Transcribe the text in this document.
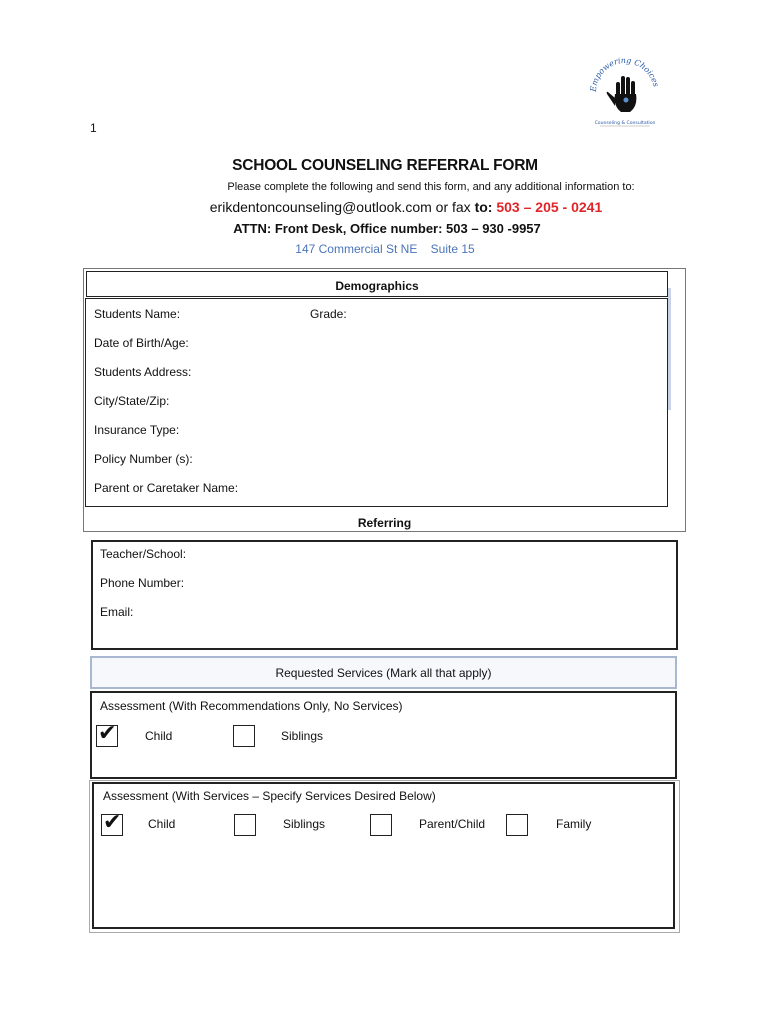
1
Empowering Choices
Counseling & Consultation
SCHOOL COUNSELING REFERRAL FORM
Please complete the following and send this form, and any additional information to:
erikdentoncounseling@outlook.com or fax to: 503 – 205 - 0241
ATTN: Front Desk, Office number: 503 – 930 -9957
147 Commercial St NE    Suite 15
Demographics
Students Name:	Grade:
Date of Birth/Age:
Students Address:
City/State/Zip:
Insurance Type:
Policy Number (s):
Parent or Caretaker Name:
Referring
Teacher/School:
Phone Number:
Email:
Requested Services (Mark all that apply)
Assessment (With Recommendations Only, No Services)
✔ Child	Siblings
Assessment (With Services – Specify Services Desired Below)
✔ Child	Siblings	Parent/Child	Family
